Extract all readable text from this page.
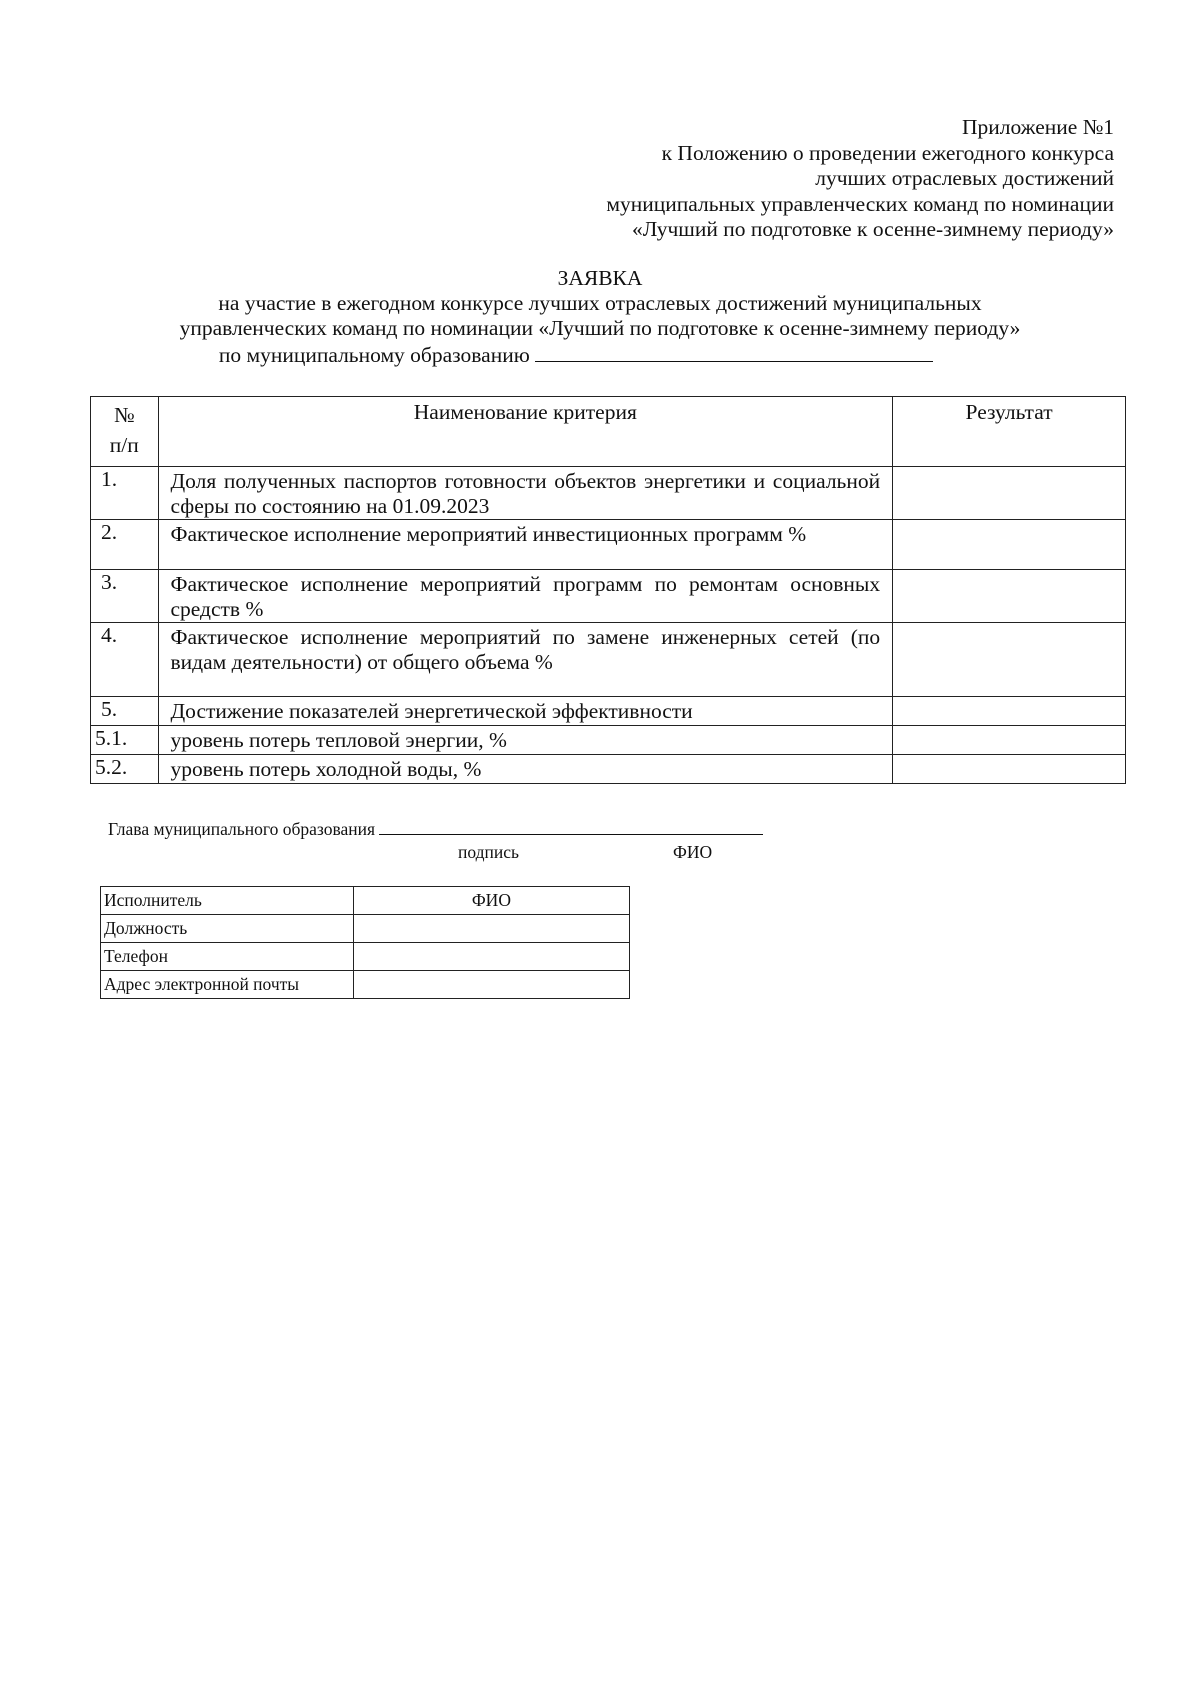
Приложение №1
к Положению о проведении ежегодного конкурса
лучших отраслевых достижений
муниципальных управленческих команд по номинации
«Лучший по подготовке к осенне-зимнему периоду»
ЗАЯВКА
на участие в ежегодном конкурсе лучших отраслевых достижений муниципальных
управленческих команд по номинации «Лучший по подготовке к осенне-зимнему периоду»
по муниципальному образованию
№
п/п	Наименование критерия	Результат
1.	Доля полученных паспортов готовности объектов энергетики и социальной сферы по состоянию на 01.09.2023	
2.	Фактическое исполнение мероприятий инвестиционных программ %	
3.	Фактическое исполнение мероприятий программ по ремонтам основных средств %	
4.	Фактическое исполнение мероприятий по замене инженерных сетей (по видам деятельности) от общего объема %	
5.	Достижение показателей энергетической эффективности	
5.1.	уровень потерь тепловой энергии, %	
5.2.	уровень потерь холодной воды, %	
Глава муниципального образования
подпись	ФИО
Исполнитель	ФИО
Должность	
Телефон	
Адрес электронной почты	
